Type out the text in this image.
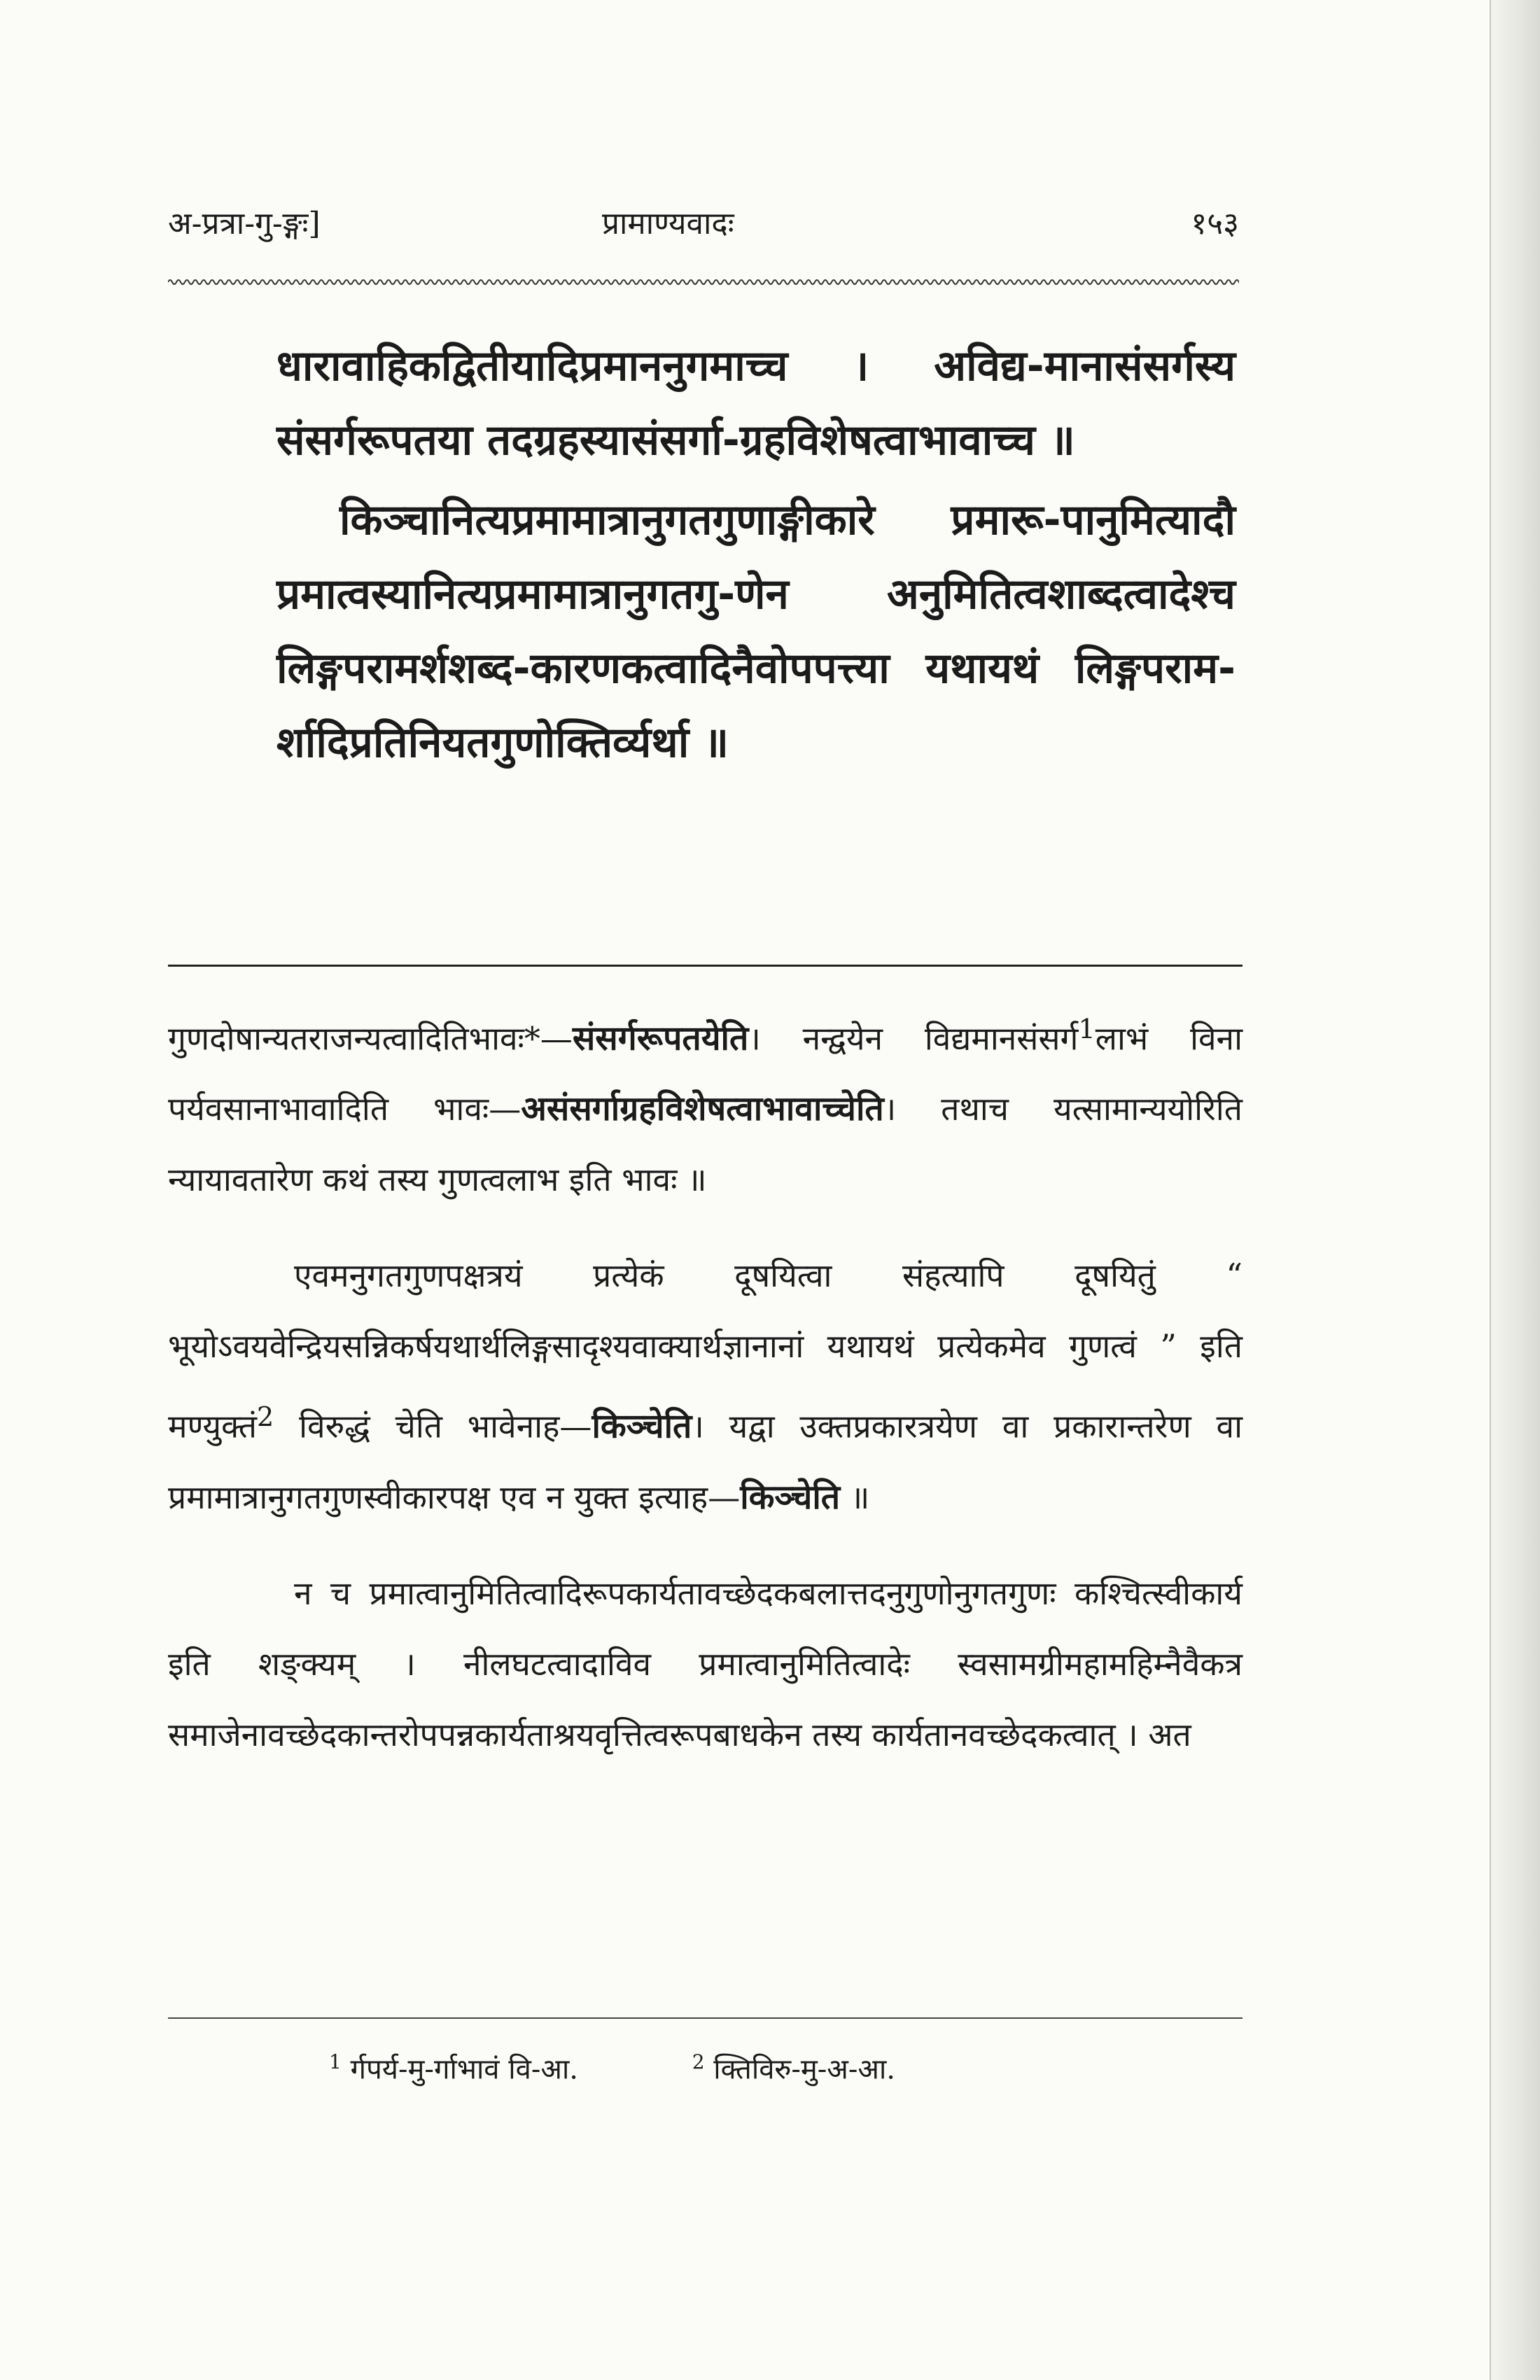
अ-प्रत्रा-गु-ङ्गः]	प्रामाण्यवादः	१५३

धारावाहिकद्वितीयादिप्रमाननुगमाच्च । अविद्य-मानासंसर्गस्य संसर्गरूपतया तदग्रहस्यासंसर्गा-ग्रहविशेषत्वाभावाच्च ॥

किञ्चानित्यप्रमामात्रानुगतगुणाङ्गीकारे प्रमारू-पानुमित्यादौ प्रमात्वस्यानित्यप्रमामात्रानुगतगु-णेन अनुमितित्वशाब्दत्वादेश्च लिङ्गपरामर्शशब्द-कारणकत्वादिनैवोपपत्त्या यथायथं लिङ्गपराम-र्शादिप्रतिनियतगुणोक्तिर्व्यर्था ॥

गुणदोषान्यतराजन्यत्वादितिभावः*—संसर्गरूपतयेति। नन्द्वयेन विद्यमानसंसर्ग$^1$लाभं विना पर्यवसानाभावादिति भावः—असंसर्गाग्रहविशेषत्वाभावाच्चेति। तथाच यत्सामान्ययोरिति न्यायावतारेण कथं तस्य गुणत्वलाभ इति भावः ॥

एवमनुगतगुणपक्षत्रयं प्रत्येकं दूषयित्वा संहत्यापि दूषयितुं “ भूयोऽवयवेन्द्रियसन्निकर्षयथार्थलिङ्गसादृश्यवाक्यार्थज्ञानानां यथायथं प्रत्येकमेव गुणत्वं ” इति मण्युक्तं$^2$ विरुद्धं चेति भावेनाह—किञ्चेति। यद्वा उक्तप्रकारत्रयेण वा प्रकारान्तरेण वा प्रमामात्रानुगतगुणस्वीकारपक्ष एव न युक्त इत्याह—किञ्चेति ॥

न च प्रमात्वानुमितित्वादिरूपकार्यतावच्छेदकबलात्तदनुगुणोनुगतगुणः कश्चित्स्वीकार्य इति शङ्क्यम् । नीलघटत्वादाविव प्रमात्वानुमितित्वादेः स्वसामग्रीमहामहिम्नैवैकत्र समाजेनावच्छेदकान्तरोपपन्नकार्यताश्रयवृत्तित्वरूपबाधकेन तस्य कार्यतानवच्छेदकत्वात् । अत

$^1$ र्गपर्य-मु-र्गाभावं वि-आ.	$^2$ क्तिविरु-मु-अ-आ.
